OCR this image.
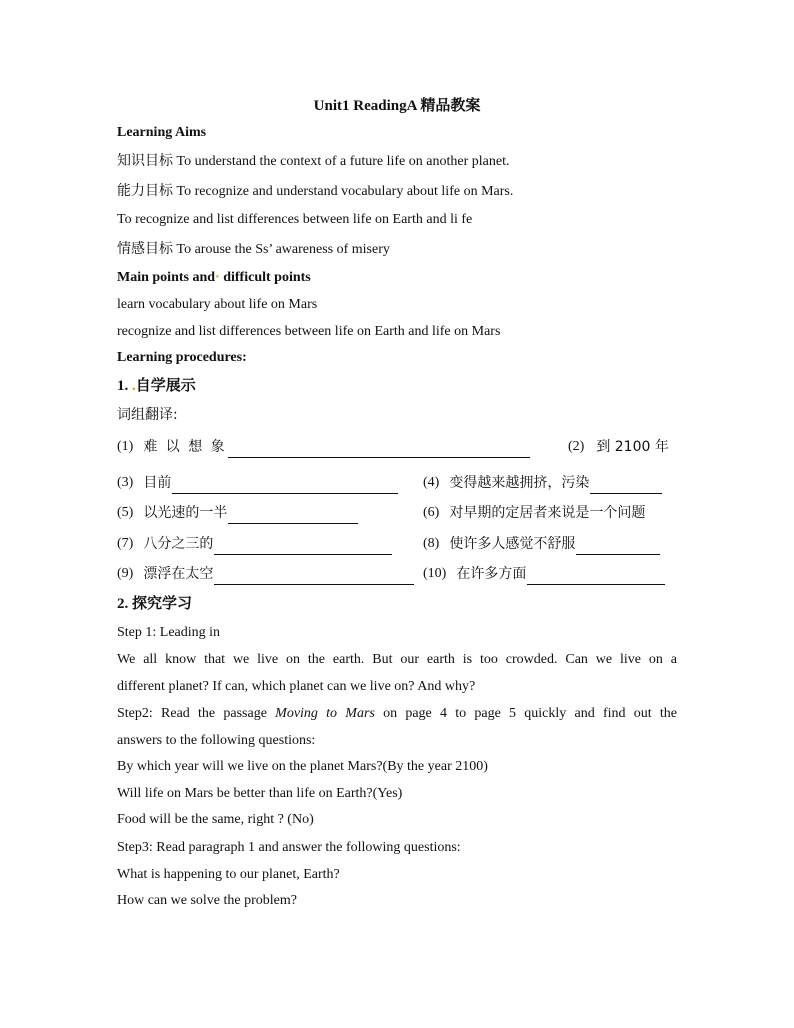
Unit1 ReadingA 精品教案
Learning Aims
知识目标 To understand the context of a future life on another planet.
能力目标 To recognize and understand vocabulary about life on Mars.
To recognize and list differences between life on Earth and li fe
情感目标 To arouse the Ss’ awareness of misery
Main points and· difficult points
learn vocabulary about life on Mars
recognize and list differences between life on Earth and life on Mars
Learning procedures:
1. .自学展示
词组翻译:
(1) 难 以 想 象	(2) 到 2100 年
(3) 目前	(4) 变得越来越拥挤，污染
(5) 以光速的一半	(6) 对早期的定居者来说是一个问题
(7) 八分之三的	(8) 使许多人感觉不舒服
(9) 漂浮在太空	(10) 在许多方面
2. 探究学习
Step 1: Leading in
We all know that we live on the earth. But our earth is too crowded. Can we live on a
different planet? If can, which planet can we live on? And why?
Step2: Read the passage Moving to Mars on page 4 to page 5 quickly and find out the
answers to the following questions:
By which year will we live on the planet Mars?(By the year 2100)
Will life on Mars be better than life on Earth?(Yes)
Food will be the same, right ? (No)
Step3: Read paragraph 1 and answer the following questions:
What is happening to our planet, Earth?
How can we solve the problem?
